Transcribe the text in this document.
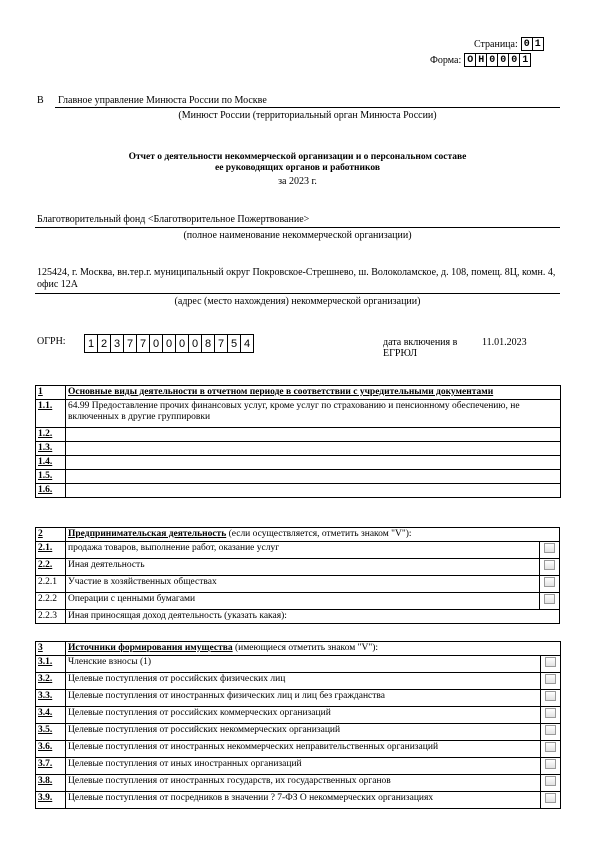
Страница: 0 1
Форма: О Н 0 0 0 1
В Главное управление Минюста России по Москве
(Минюст России (территориальный орган Минюста России)
Отчет о деятельности некоммерческой организации и о персональном составе
ее руководящих органов и работников
за 2023 г.
Благотворительный фонд <Благотворительное Пожертвование>
(полное наименование некоммерческой организации)
125424, г. Москва, вн.тер.г. муниципальный округ Покровское-Стрешнево, ш. Волоколамское, д. 108, помещ. 8Ц, комн. 4, офис 12А
(адрес (место нахождения) некоммерческой организации)
ОГРН:	1 2 3 7 7 0 0 0 0 8 7 5 4	дата включения в ЕГРЮЛ
11.01.2023
1	Основные виды деятельности в отчетном периоде в соответствии с учредительными документами
1.1.	64.99 Предоставление прочих финансовых услуг, кроме услуг по страхованию и пенсионному обеспечению, не включенных в другие группировки
1.2.	
1.3.	
1.4.	
1.5.	
1.6.	
2	Предпринимательская деятельность (если осуществляется, отметить знаком "V"):	
2.1.	продажа товаров, выполнение работ, оказание услуг	
2.2.	Иная деятельность	
2.2.1	Участие в хозяйственных обществах	
2.2.2	Операции с ценными бумагами	
2.2.3	Иная приносящая доход деятельность (указать какая):	
3	Источники формирования имущества (имеющиеся отметить знаком "V"):	
3.1.	Членские взносы (1)	
3.2.	Целевые поступления от российских физических лиц	
3.3.	Целевые поступления от иностранных физических лиц и лиц без гражданства	
3.4.	Целевые поступления от российских коммерческих организаций	
3.5.	Целевые поступления от российских некоммерческих организаций	
3.6.	Целевые поступления от иностранных некоммерческих неправительственных организаций	
3.7.	Целевые поступления от иных иностранных организаций	
3.8.	Целевые поступления от иностранных государств, их государственных органов	
3.9.	Целевые поступления от посредников в значении ? 7-ФЗ О некоммерческих организациях	
